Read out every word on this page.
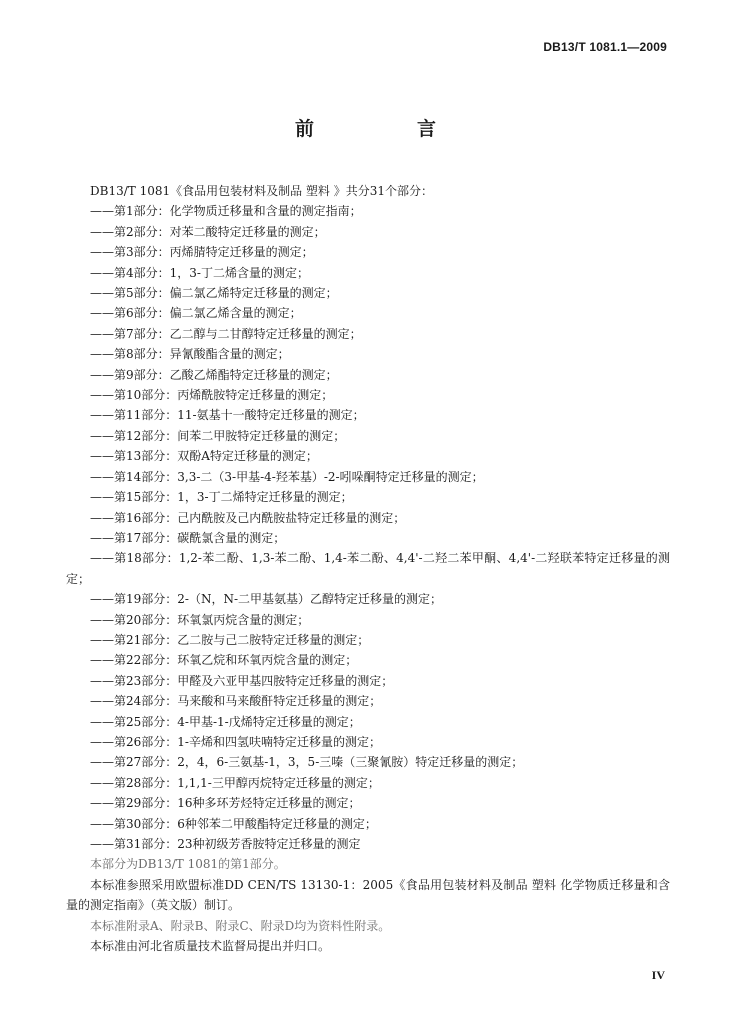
DB13/T 1081.1—2009
前　言

DB13/T 1081《食品用包装材料及制品 塑料 》共分31个部分：

——第1部分：化学物质迁移量和含量的测定指南；

——第2部分：对苯二酸特定迁移量的测定；

——第3部分：丙烯腈特定迁移量的测定；

——第4部分：1，3-丁二烯含量的测定；

——第5部分：偏二氯乙烯特定迁移量的测定；

——第6部分：偏二氯乙烯含量的测定；

——第7部分：乙二醇与二甘醇特定迁移量的测定；

——第8部分：异氰酸酯含量的测定；

——第9部分：乙酸乙烯酯特定迁移量的测定；

——第10部分：丙烯酰胺特定迁移量的测定；

——第11部分：11-氨基十一酸特定迁移量的测定；

——第12部分：间苯二甲胺特定迁移量的测定；

——第13部分：双酚A特定迁移量的测定；

——第14部分：3,3-二（3-甲基-4-羟苯基）-2-吲哚酮特定迁移量的测定；

——第15部分：1，3-丁二烯特定迁移量的测定；

——第16部分：己内酰胺及己内酰胺盐特定迁移量的测定；

——第17部分：碳酰氯含量的测定；

——第18部分：1,2-苯二酚、1,3-苯二酚、1,4-苯二酚、4,4'-二羟二苯甲酮、4,4'-二羟联苯特定迁移量的测定；

——第19部分：2-（N，N-二甲基氨基）乙醇特定迁移量的测定；

——第20部分：环氧氯丙烷含量的测定；

——第21部分：乙二胺与己二胺特定迁移量的测定；

——第22部分：环氧乙烷和环氧丙烷含量的测定；

——第23部分：甲醛及六亚甲基四胺特定迁移量的测定；

——第24部分：马来酸和马来酸酐特定迁移量的测定；

——第25部分：4-甲基-1-戊烯特定迁移量的测定；

——第26部分：1-辛烯和四氢呋喃特定迁移量的测定；

——第27部分：2，4，6-三氨基-1，3，5-三嗪（三聚氰胺）特定迁移量的测定；

——第28部分：1,1,1-三甲醇丙烷特定迁移量的测定；

——第29部分：16种多环芳烃特定迁移量的测定；

——第30部分：6种邻苯二甲酸酯特定迁移量的测定；

——第31部分：23种初级芳香胺特定迁移量的测定

本部分为DB13/T 1081的第1部分。

本标准参照采用欧盟标准DD CEN/TS 13130-1：2005《食品用包装材料及制品 塑料 化学物质迁移量和含量的测定指南》（英文版）制订。

本标准附录A、附录B、附录C、附录D均为资料性附录。

本标准由河北省质量技术监督局提出并归口。

IV
